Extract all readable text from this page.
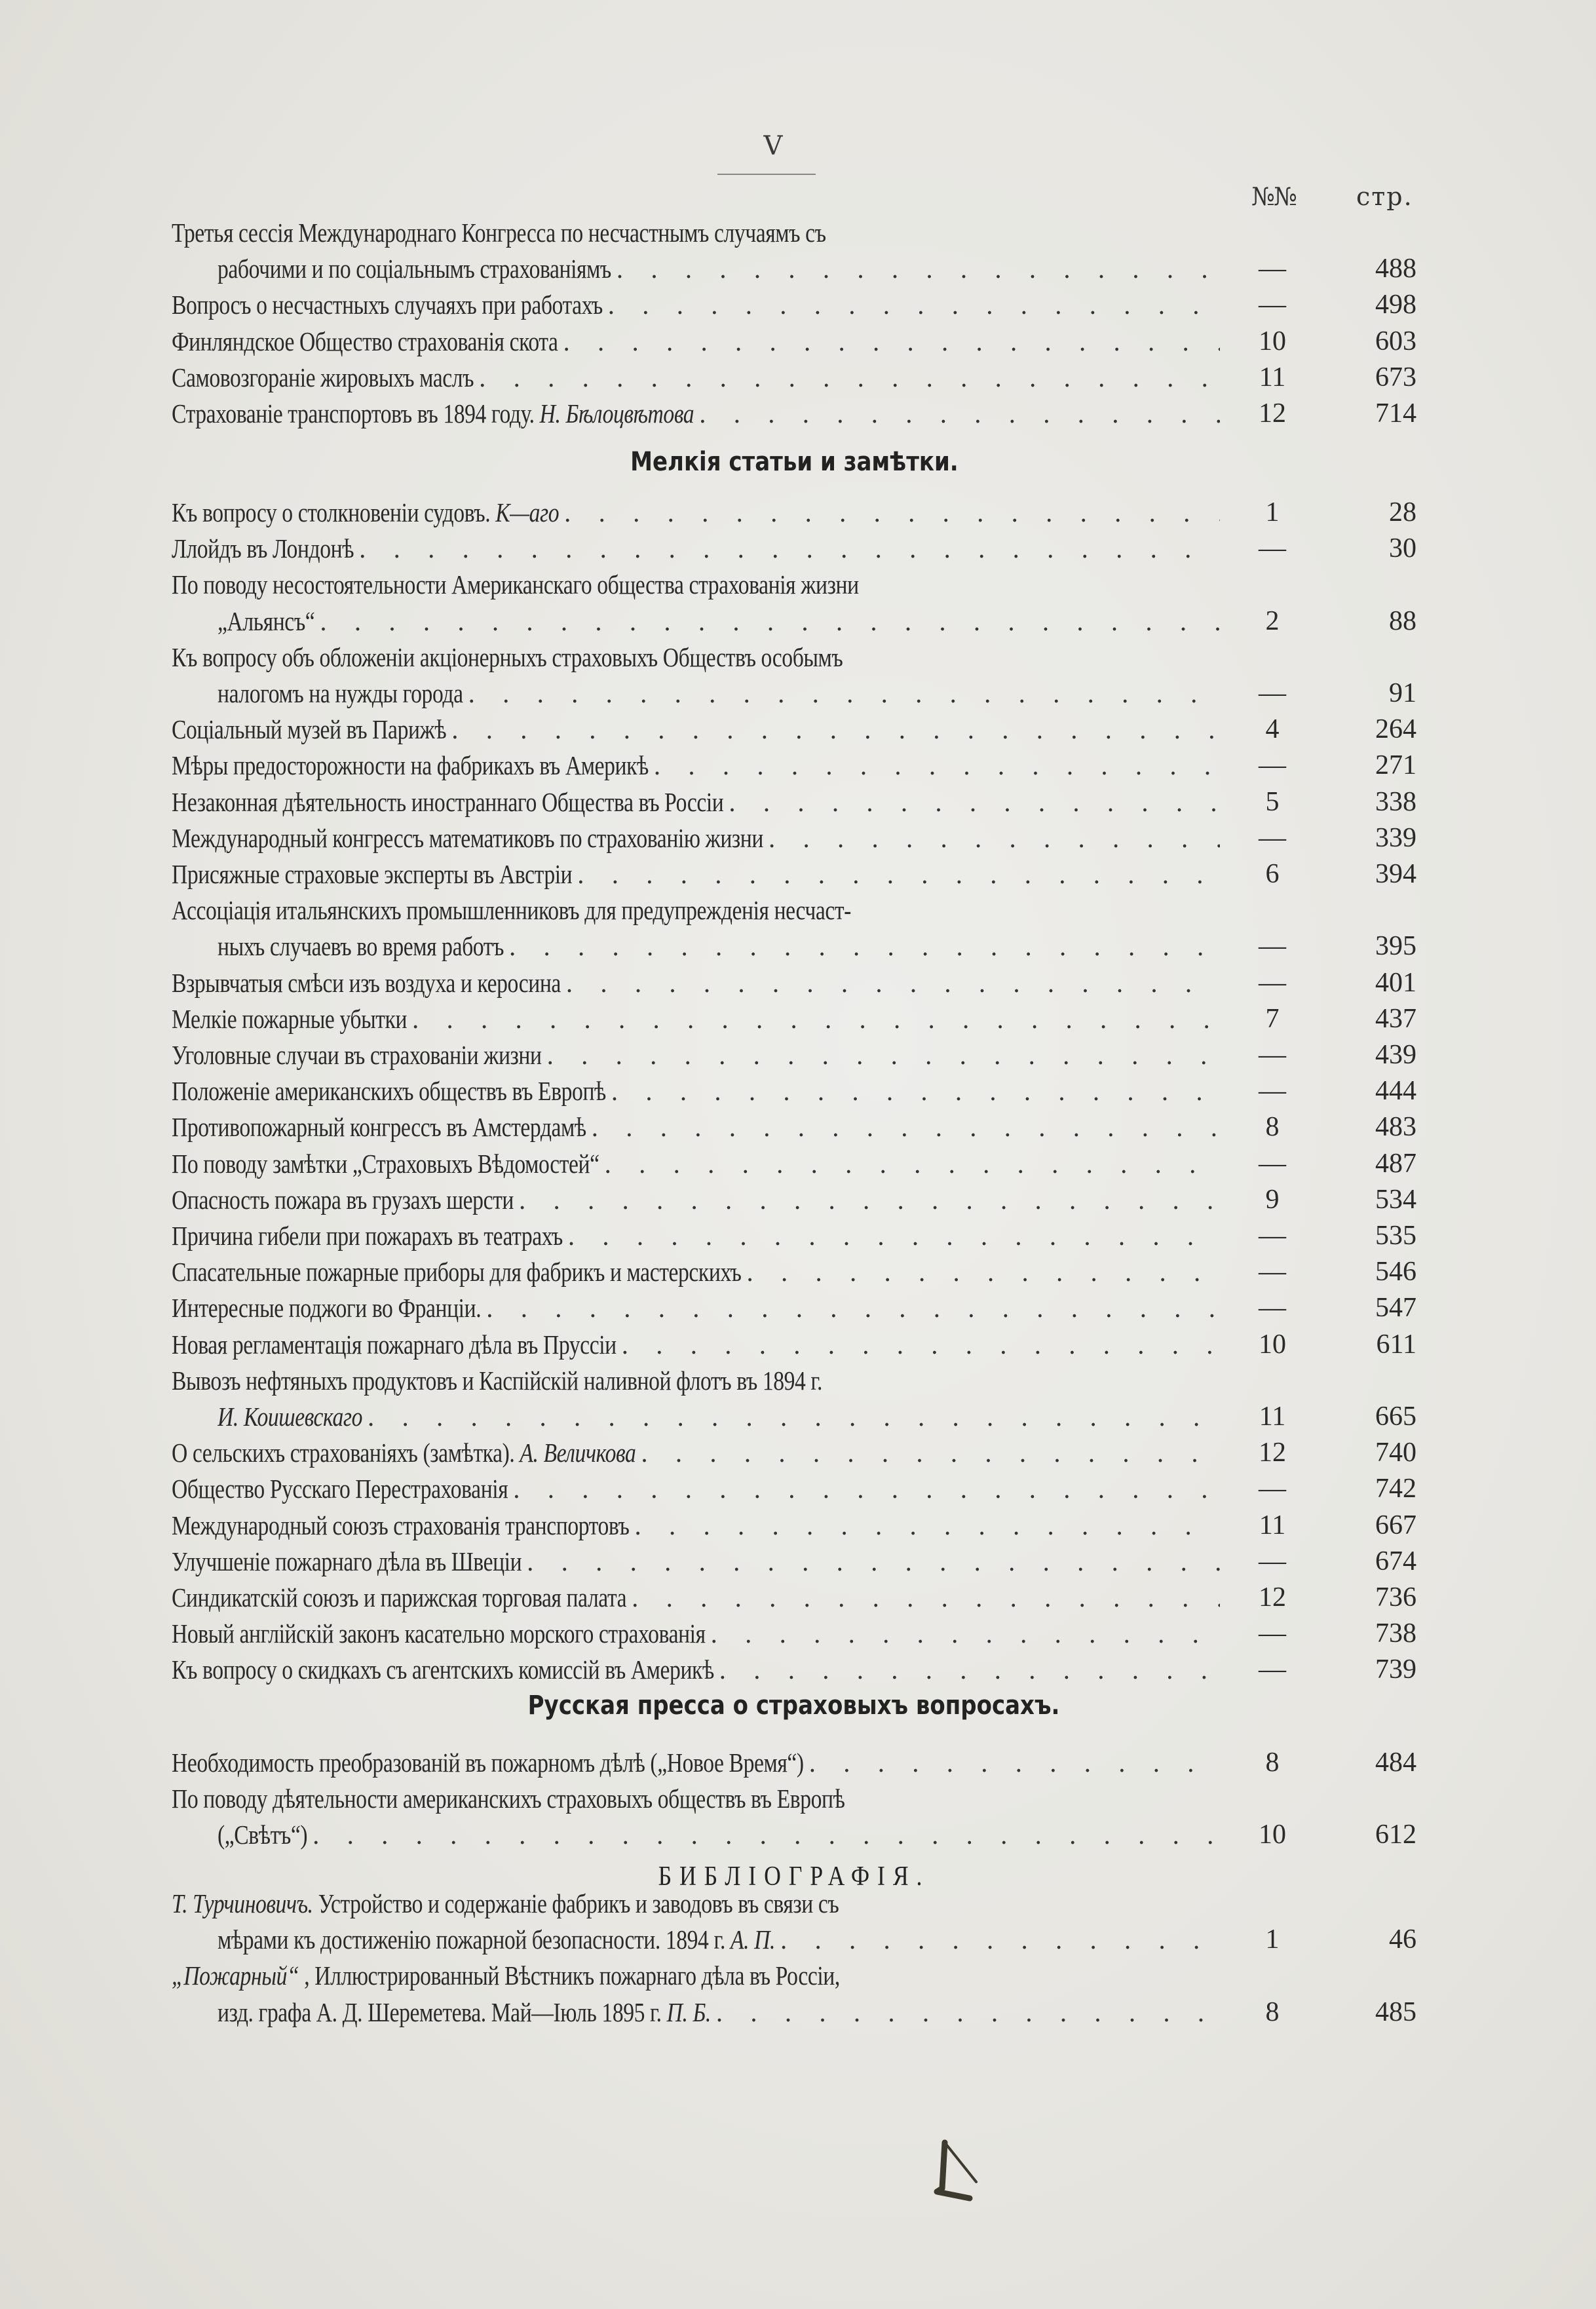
V
№№ стр.
Третья сессія Международнаго Конгресса по несчастнымъ случаямъ съ
рабочими и по соціальнымъ страхованіямъ . . .	—	488
Вопросъ о несчастныхъ случаяхъ при работахъ . . .	—	498
Финляндское Общество страхованія скота . . .	10	603
Самовозгораніе жировыхъ маслъ . . .	11	673
Страхованіе транспортовъ въ 1894 году. Н. Бѣлоцвѣтова . . .	12	714
Къ вопросу о столкновеніи судовъ. К—аго . . .	1	28
Ллойдъ въ Лондонѣ . . .	—	30
По поводу несостоятельности Американскаго общества страхованія жизни
„Альянсъ“ . . .	2	88
Къ вопросу объ обложеніи акціонерныхъ страховыхъ Обществъ особымъ
налогомъ на нужды города . . .	—	91
Соціальный музей въ Парижѣ . . .	4	264
Мѣры предосторожности на фабрикахъ въ Америкѣ . . .	—	271
Незаконная дѣятельность иностраннаго Общества въ Россіи . . .	5	338
Международный конгрессъ математиковъ по страхованію жизни . . .	—	339
Присяжные страховые эксперты въ Австріи . . .	6	394
Ассоціація итальянскихъ промышленниковъ для предупрежденія несчаст-
ныхъ случаевъ во время работъ . . .	—	395
Взрывчатыя смѣси изъ воздуха и керосина . . .	—	401
Мелкіе пожарные убытки . . .	7	437
Уголовные случаи въ страхованіи жизни . . .	—	439
Положеніе американскихъ обществъ въ Европѣ . . .	—	444
Противопожарный конгрессъ въ Амстердамѣ . . .	8	483
По поводу замѣтки „Страховыхъ Вѣдомостей“ . . .	—	487
Опасность пожара въ грузахъ шерсти . . .	9	534
Причина гибели при пожарахъ въ театрахъ . . .	—	535
Спасательные пожарные приборы для фабрикъ и мастерскихъ . . .	—	546
Интересные поджоги во Франціи. . . .	—	547
Новая регламентація пожарнаго дѣла въ Пруссіи . . .	10	611
Вывозъ нефтяныхъ продуктовъ и Каспійскій наливной флотъ въ 1894 г.
И. Коишевскаго . . .	11	665
О сельскихъ страхованіяхъ (замѣтка). А. Величкова . . .	12	740
Общество Русскаго Перестрахованія . . .	—	742
Международный союзъ страхованія транспортовъ . . .	11	667
Улучшеніе пожарнаго дѣла въ Швеціи . . .	—	674
Синдикатскій союзъ и парижская торговая палата . . .	12	736
Новый англійскій законъ касательно морского страхованія . . .	—	738
Къ вопросу о скидкахъ съ агентскихъ комиссій въ Америкѣ . . .	—	739
Необходимость преобразованій въ пожарномъ дѣлѣ („Новое Время“) . . .	8	484
По поводу дѣятельности американскихъ страховыхъ обществъ въ Европѣ
(„Свѣтъ“) . . .	10	612
Т. Турчиновичъ. Устройство и содержаніе фабрикъ и заводовъ въ связи съ
мѣрами къ достиженію пожарной безопасности. 1894 г. А. П. . . .	1	46
„Пожарный“ , Иллюстрированный Вѣстникъ пожарнаго дѣла въ Россіи,
изд. графа А. Д. Шереметева. Май—Іюль 1895 г. П. Б. . . .	8	485
Мелкія статьи и замѣтки.
Русская пресса о страховыхъ вопросахъ.
БИБЛІОГРАФІЯ.
